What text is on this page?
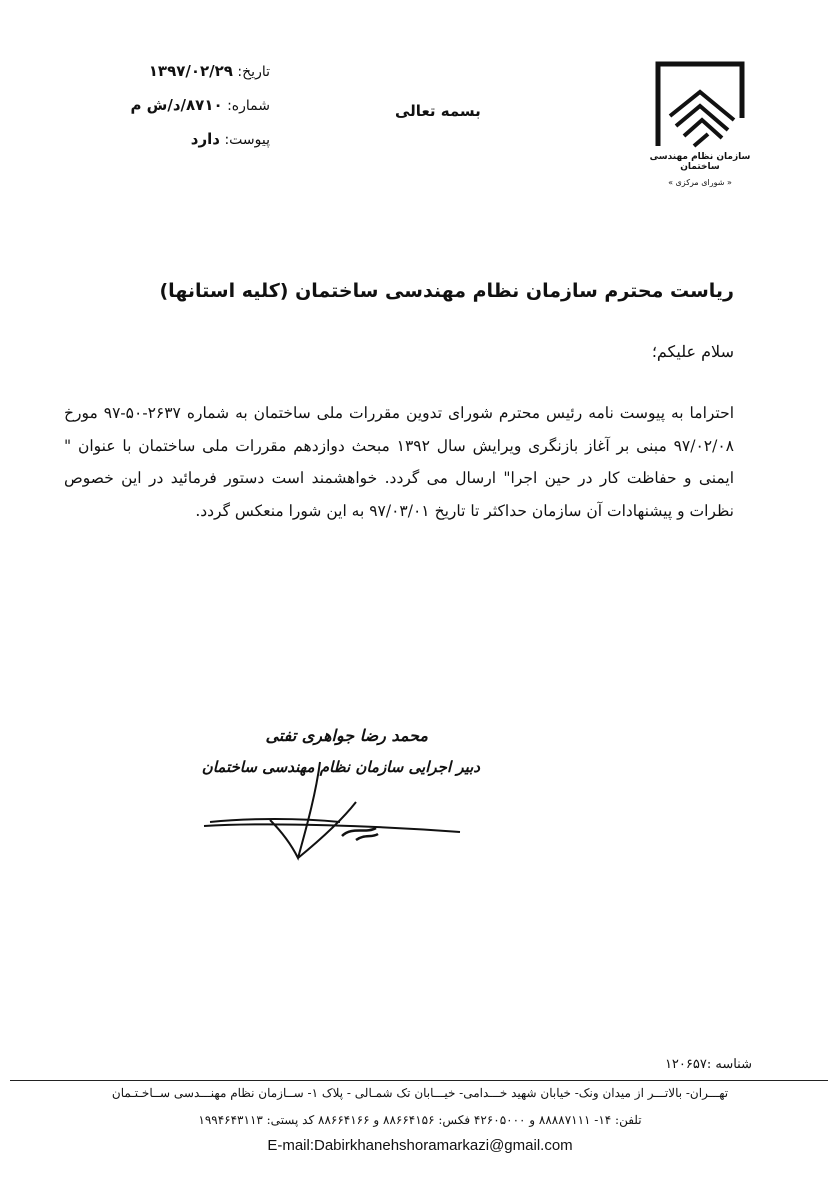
سازمان نظام مهندسی ساختمان
« شورای مرکزی »
بسمه تعالی
تاریخ: ۱۳۹۷/۰۲/۲۹
شماره: ۸۷۱۰/د/ش م
پیوست: دارد
ریاست محترم سازمان نظام مهندسی ساختمان (کلیه استانها)
سلام علیکم؛
احتراما به پیوست نامه رئیس محترم شورای تدوین مقررات ملی ساختمان به شماره ۲۶۳۷-۵۰-۹۷ مورخ ۹۷/۰۲/۰۸ مبنی بر آغاز بازنگری ویرایش سال ۱۳۹۲ مبحث دوازدهم مقررات ملی ساختمان با عنوان " ایمنی و حفاظت کار در حین اجرا" ارسال می گردد. خواهشمند است دستور فرمائید در این خصوص نظرات و پیشنهادات آن سازمان حداکثر تا تاریخ ۹۷/۰۳/۰۱ به این شورا منعکس گردد.
محمد رضا جواهری تفتی
دبیر اجرایی سازمان نظام مهندسی ساختمان
شناسه :۱۲۰۶۵۷
تهـــران- بالاتـــر از میدان ونک- خیابان شهید خـــدامی- خیـــابان تک شمـالی - پلاک ۱- ســازمان نظام مهنـــدسی ســاخـتـمان
تلفن: ۱۴- ۸۸۸۸۷۱۱۱ و ۴۲۶۰۵۰۰۰ فکس: ۸۸۶۶۴۱۵۶ و ۸۸۶۶۴۱۶۶ کد پستی: ۱۹۹۴۶۴۳۱۱۳
E-mail:Dabirkhanehshoramarkazi@gmail.com
